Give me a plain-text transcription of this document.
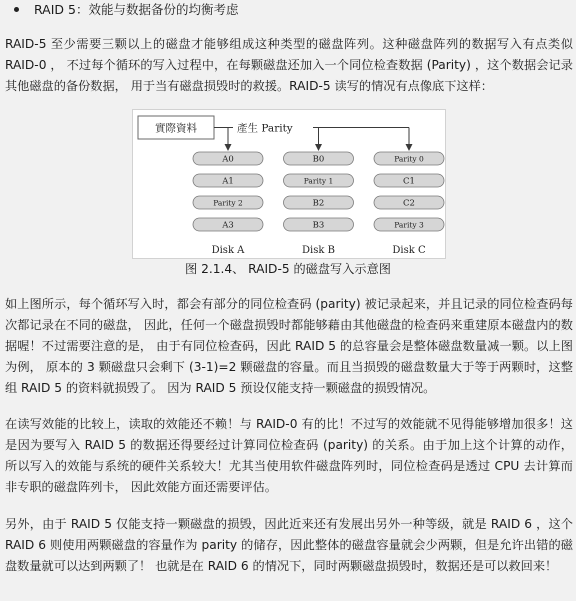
RAID 5：效能与数据备份的均衡考虑

RAID-5 至少需要三颗以上的磁盘才能够组成这种类型的磁盘阵列。这种磁盘阵列的数据写入有点类似 RAID-0 ， 不过每个循环的写入过程中，在每颗磁盘还加入一个同位检查数据 (Parity) ，这个数据会记录其他磁盘的备份数据， 用于当有磁盘损毁时的救援。RAID-5 读写的情况有点像底下这样：

實際資料	產生 Parity
A0
A1
Parity 2
A3
Disk A
B0
Parity 1
B2
B3
Disk B
Parity 0
C1
C2
Parity 3
Disk C
图 2.1.4、 RAID-5 的磁盘写入示意图

如上图所示，每个循环写入时，都会有部分的同位检查码 (parity) 被记录起来，并且记录的同位检查码每次都记录在不同的磁盘， 因此，任何一个磁盘损毁时都能够藉由其他磁盘的检查码来重建原本磁盘内的数据喔！不过需要注意的是， 由于有同位检查码，因此 RAID 5 的总容量会是整体磁盘数量减一颗。以上图为例， 原本的 3 颗磁盘只会剩下 (3-1)=2 颗磁盘的容量。而且当损毁的磁盘数量大于等于两颗时，这整组 RAID 5 的资料就损毁了。 因为 RAID 5 预设仅能支持一颗磁盘的损毁情况。

在读写效能的比较上，读取的效能还不赖！与 RAID-0 有的比！不过写的效能就不见得能够增加很多！这是因为要写入 RAID 5 的数据还得要经过计算同位检查码 (parity) 的关系。由于加上这个计算的动作， 所以写入的效能与系统的硬件关系较大！尤其当使用软件磁盘阵列时，同位检查码是透过 CPU 去计算而非专职的磁盘阵列卡， 因此效能方面还需要评估。

另外，由于 RAID 5 仅能支持一颗磁盘的损毁，因此近来还有发展出另外一种等级，就是 RAID 6 ，这个 RAID 6 则使用两颗磁盘的容量作为 parity 的储存，因此整体的磁盘容量就会少两颗，但是允许出错的磁盘数量就可以达到两颗了！ 也就是在 RAID 6 的情况下，同时两颗磁盘损毁时，数据还是可以救回来！
